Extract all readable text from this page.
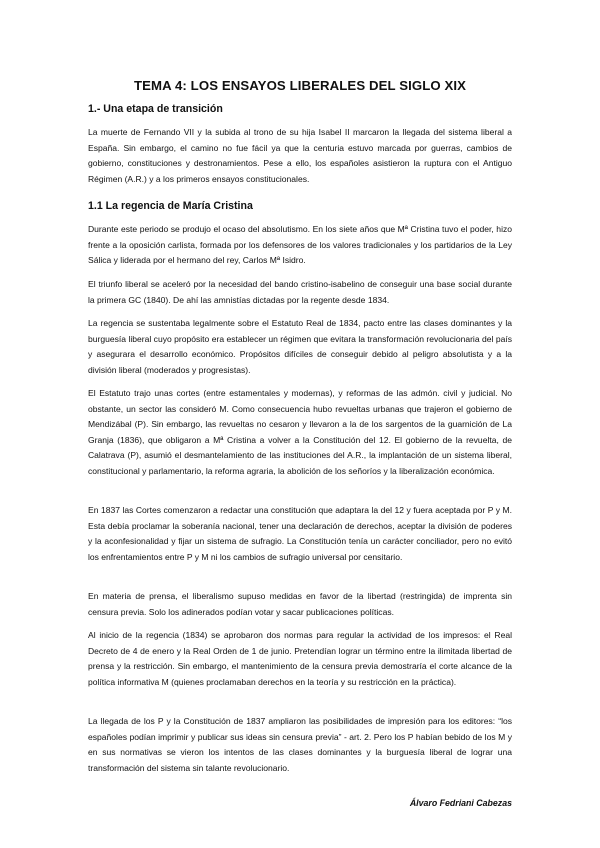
TEMA 4: LOS ENSAYOS LIBERALES DEL SIGLO XIX
1.- Una etapa de transición

La muerte de Fernando VII y la subida al trono de su hija Isabel II marcaron la llegada del sistema liberal a España. Sin embargo, el camino no fue fácil ya que la centuria estuvo marcada por guerras, cambios de gobierno, constituciones y destronamientos. Pese a ello, los españoles asistieron la ruptura con el Antiguo Régimen (A.R.) y a los primeros ensayos constitucionales.

1.1 La regencia de María Cristina

Durante este periodo se produjo el ocaso del absolutismo. En los siete años que Mª Cristina tuvo el poder, hizo frente a la oposición carlista, formada por los defensores de los valores tradicionales y los partidarios de la Ley Sálica y liderada por el hermano del rey, Carlos Mª Isidro.

El triunfo liberal se aceleró por la necesidad del bando cristino-isabelino de conseguir una base social durante la primera GC (1840). De ahí las amnistías dictadas por la regente desde 1834.

La regencia se sustentaba legalmente sobre el Estatuto Real de 1834, pacto entre las clases dominantes y la burguesía liberal cuyo propósito era establecer un régimen que evitara la transformación revolucionaria del país y asegurara el desarrollo económico. Propósitos difíciles de conseguir debido al peligro absolutista y a la división liberal (moderados y progresistas).

El Estatuto trajo unas cortes (entre estamentales y modernas), y reformas de las admón. civil y judicial. No obstante, un sector las consideró M. Como consecuencia hubo revueltas urbanas que trajeron el gobierno de Mendizábal (P). Sin embargo, las revueltas no cesaron y llevaron a la de los sargentos de la guarnición de La Granja (1836), que obligaron a Mª Cristina a volver a la Constitución del 12. El gobierno de la revuelta, de Calatrava (P), asumió el desmantelamiento de las instituciones del A.R., la implantación de un sistema liberal, constitucional y parlamentario, la reforma agraria, la abolición de los señoríos y la liberalización económica.

En 1837 las Cortes comenzaron a redactar una constitución que adaptara la del 12 y fuera aceptada por P y M. Esta debía proclamar la soberanía nacional, tener una declaración de derechos, aceptar la división de poderes y la aconfesionalidad y fijar un sistema de sufragio. La Constitución tenía un carácter conciliador, pero no evitó los enfrentamientos entre P y M ni los cambios de sufragio universal por censitario.

En materia de prensa, el liberalismo supuso medidas en favor de la libertad (restringida) de imprenta sin censura previa. Solo los adinerados podían votar y sacar publicaciones políticas.

Al inicio de la regencia (1834) se aprobaron dos normas para regular la actividad de los impresos: el Real Decreto de 4 de enero y la Real Orden de 1 de junio. Pretendían lograr un término entre la ilimitada libertad de prensa y la restricción. Sin embargo, el mantenimiento de la censura previa demostraría el corte alcance de la política informativa M (quienes proclamaban derechos en la teoría y su restricción en la práctica).

La llegada de los P y la Constitución de 1837 ampliaron las posibilidades de impresión para los editores: “los españoles podían imprimir y publicar sus ideas sin censura previa” - art. 2. Pero los P habían bebido de los M y en sus normativas se vieron los intentos de las clases dominantes y la burguesía liberal de lograr una transformación del sistema sin talante revolucionario.

Álvaro Fedriani Cabezas
